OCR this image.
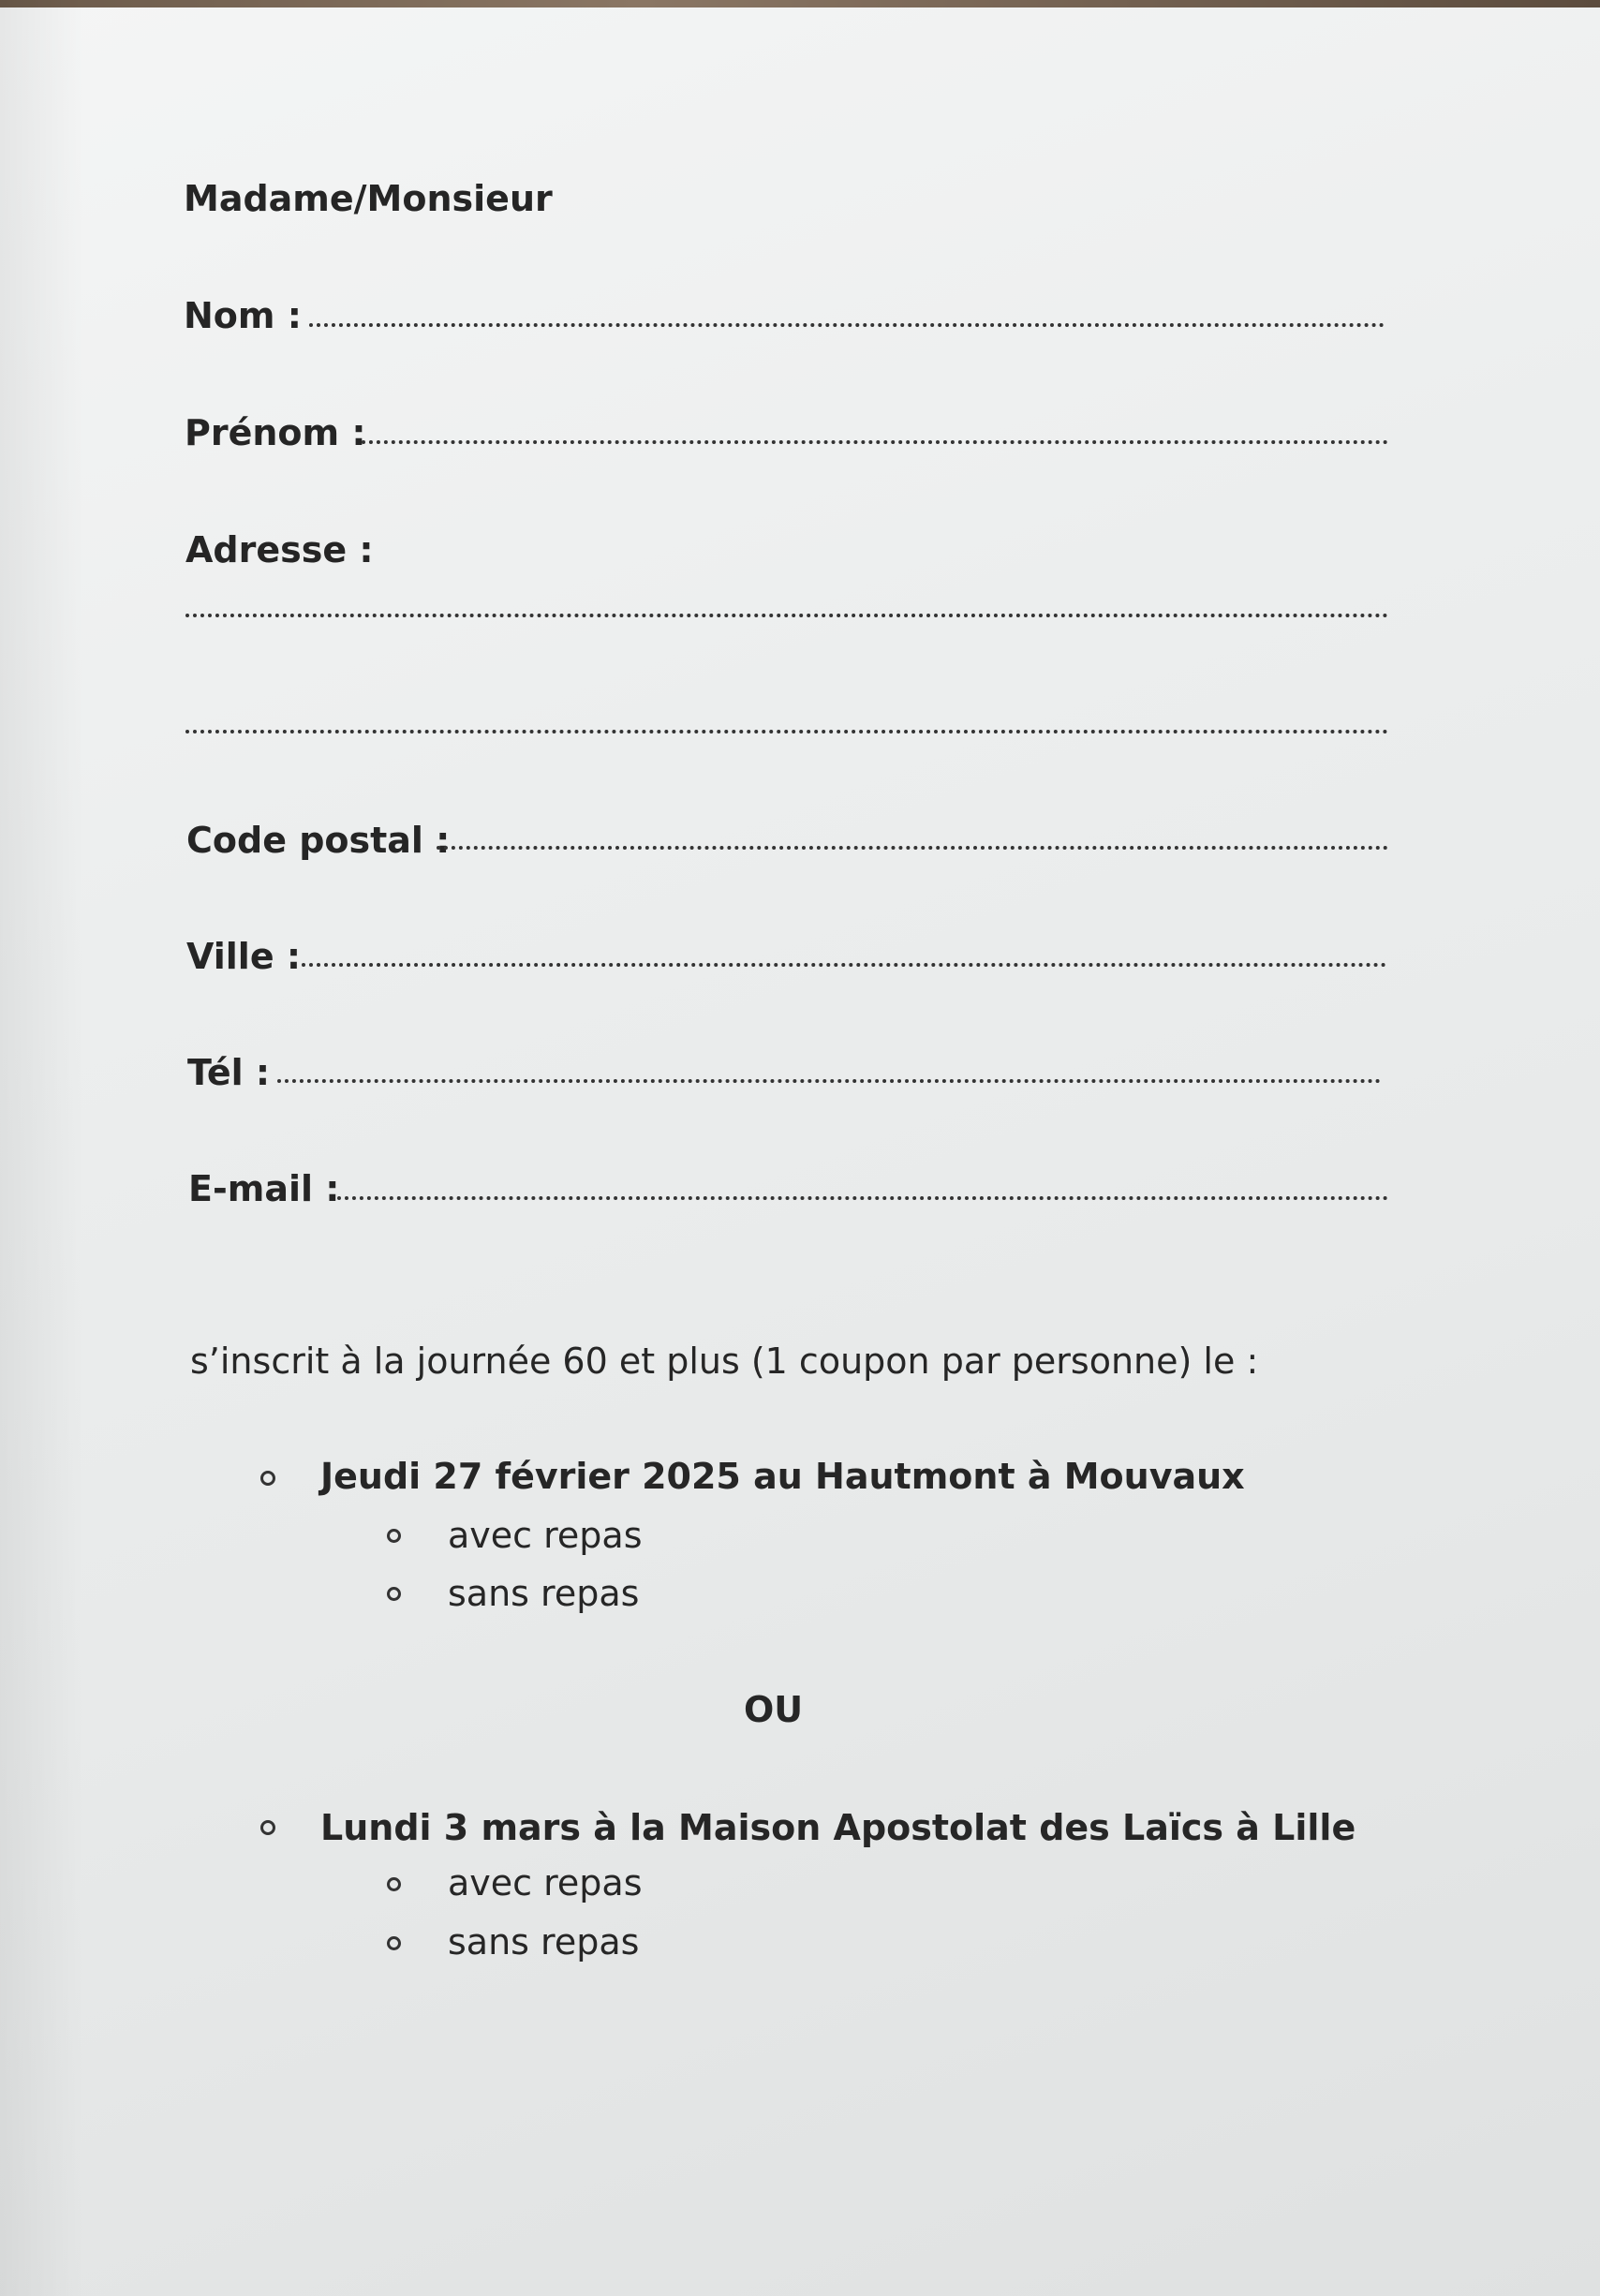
Madame/Monsieur
Nom :
Prénom :
Adresse :
Code postal :
Ville :
Tél :
E-mail :
s’inscrit à la journée 60 et plus (1 coupon par personne) le :
Jeudi 27 février 2025 au Hautmont à Mouvaux
avec repas
sans repas
OU
Lundi 3 mars à la Maison Apostolat des Laïcs à Lille
avec repas
sans repas
